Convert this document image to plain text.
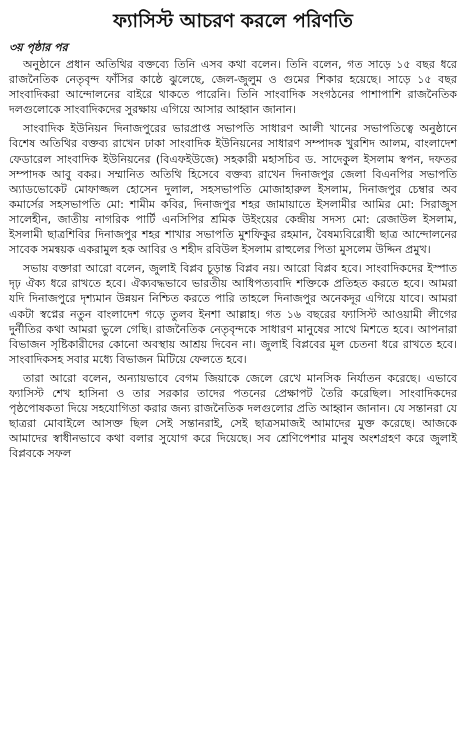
ফ্যাসিস্ট আচরণ করলে পরিণতি
৩য় পৃষ্ঠার পর

অনুষ্ঠানে প্রধান অতিথির বক্তব্যে তিনি এসব কথা বলেন। তিনি বলেন, গত সাড়ে ১৫ বছর ধরে রাজনৈতিক নেতৃবৃন্দ ফাঁসির কাষ্ঠে ঝুলেছে, জেল-জুলুম ও গুমের শিকার হয়েছে। সাড়ে ১৫ বছর সাংবাদিকরা আন্দোলনের বাইরে থাকতে পারেনি। তিনি সাংবাদিক সংগঠনের পাশাপাশি রাজনৈতিক দলগুলোকে সাংবাদিকদের সুরক্ষায় এগিয়ে আসার আহ্বান জানান।

সাংবাদিক ইউনিয়ন দিনাজপুরের ভারপ্রাপ্ত সভাপতি সাধারণ আলী খানের সভাপতিত্বে অনুষ্ঠানে বিশেষ অতিথির বক্তব্য রাখেন ঢাকা সাংবাদিক ইউনিয়নের সাধারণ সম্পাদক খুরশিদ আলম, বাংলাদেশ ফেডারেল সাংবাদিক ইউনিয়নের (বিএফইউজে) সহকারী মহাসচিব ড. সাদেকুল ইসলাম স্বপন, দফতর সম্পাদক আবু বকর। সম্মানিত অতিথি হিসেবে বক্তব্য রাখেন দিনাজপুর জেলা বিএনপির সভাপতি অ্যাডভোকেট মোফাজ্জল হোসেন দুলাল, সহসভাপতি মোজাহারুল ইসলাম, দিনাজপুর চেম্বার অব কমার্সের সহসভাপতি মো: শামীম কবির, দিনাজপুর শহর জামায়াতে ইসলামীর আমির মো: সিরাজুস সালেহীন, জাতীয় নাগরিক পার্টি এনসিপির শ্রমিক উইংয়ের কেন্দ্রীয় সদস্য মো: রেজাউল ইসলাম, ইসলামী ছাত্রশিবির দিনাজপুর শহর শাখার সভাপতি মুশফিকুর রহমান, বৈষম্যবিরোধী ছাত্র আন্দোলনের সাবেক সমন্বয়ক একরামুল হক আবির ও শহীদ রবিউল ইসলাম রাহুলের পিতা মুসলেম উদ্দিন প্রমুখ।

সভায় বক্তারা আরো বলেন, জুলাই বিপ্লব চূড়ান্ত বিপ্লব নয়। আরো বিপ্লব হবে। সাংবাদিকদের ইস্পাত দৃঢ় ঐক্য ধরে রাখতে হবে। ঐক্যবদ্ধভাবে ভারতীয় আধিপত্যবাদি শক্তিকে প্রতিহত করতে হবে। আমরা যদি দিনাজপুরে দৃশ্যমান উন্নয়ন নিশ্চিত করতে পারি তাহলে দিনাজপুর অনেকদূর এগিয়ে যাবে। আমরা একটা স্বপ্নের নতুন বাংলাদেশ গড়ে তুলব ইনশা আল্লাহ। গত ১৬ বছরের ফ্যাসিস্ট আওয়ামী লীগের দুর্নীতির কথা আমরা ভুলে গেছি। রাজনৈতিক নেতৃবৃন্দকে সাধারণ মানুষের সাথে মিশতে হবে। আপনারা বিভাজন সৃষ্টিকারীদের কোনো অবস্থায় আশ্রয় দিবেন না। জুলাই বিপ্লবের মূল চেতনা ধরে রাখতে হবে। সাংবাদিকসহ সবার মধ্যে বিভাজন মিটিয়ে ফেলতে হবে।

তারা আরো বলেন, অন্যায়ভাবে বেগম জিয়াকে জেলে রেখে মানসিক নির্যাতন করেছে। এভাবে ফ্যাসিস্ট শেখ হাসিনা ও তার সরকার তাদের পতনের প্রেক্ষাপট তৈরি করেছিল। সাংবাদিকদের পৃষ্ঠপোষকতা দিয়ে সহযোগিতা করার জন্য রাজনৈতিক দলগুলোর প্রতি আহ্বান জানান। যে সন্তানরা যে ছাত্ররা মোবাইলে আসক্ত ছিল সেই সন্তানরাই, সেই ছাত্রসমাজই আমাদের মুক্ত করেছে। আজকে আমাদের স্বাধীনভাবে কথা বলার সুযোগ করে দিয়েছে। সব শ্রেণিপেশার মানুষ অংশগ্রহণ করে জুলাই বিপ্লবকে সফল
